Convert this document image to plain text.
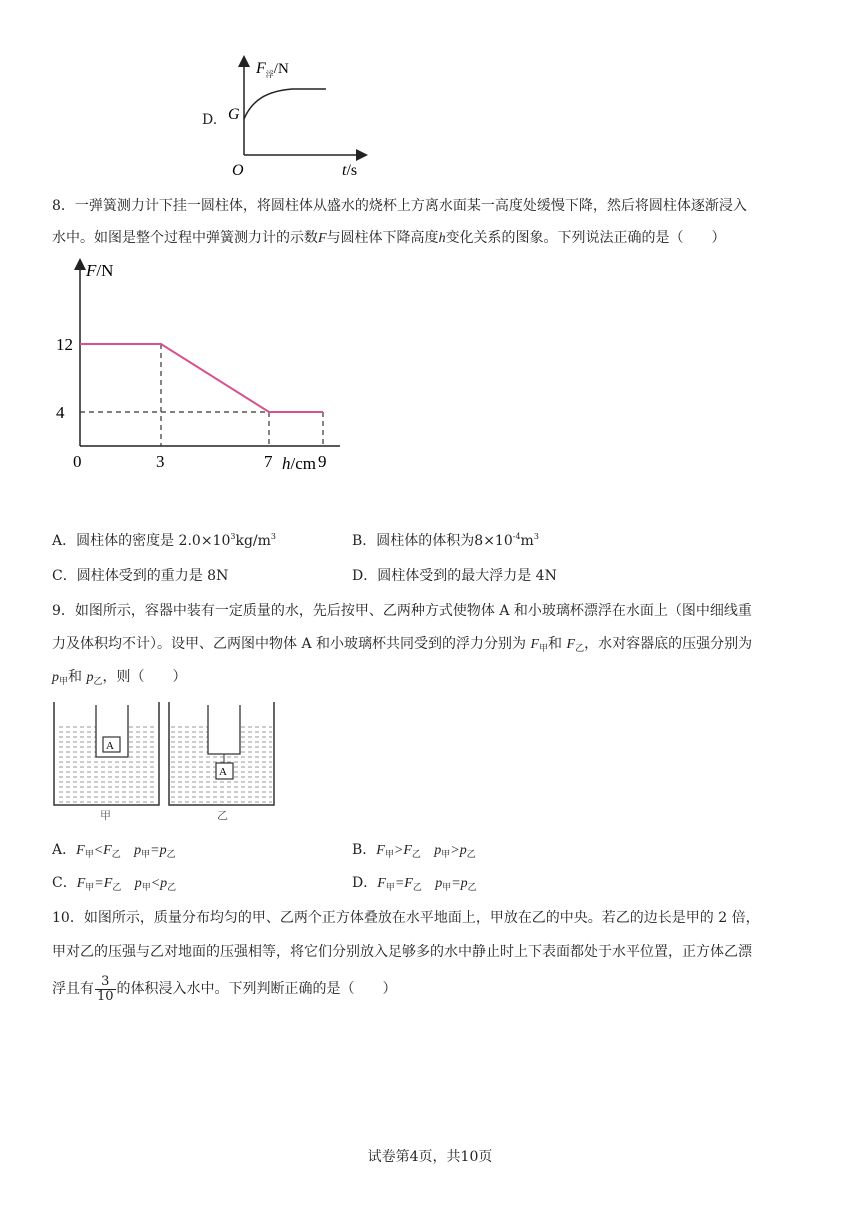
D.
$F_浮/N$
G
O	t/s
8．一弹簧测力计下挂一圆柱体，将圆柱体从盛水的烧杯上方离水面某一高度处缓慢下降，然后将圆柱体逐渐浸入
水中。如图是整个过程中弹簧测力计的示数F与圆柱体下降高度h变化关系的图象。下列说法正确的是（　　）
12
4
3	7	9
F/N
h/cm
0
A．圆柱体的密度是 $2.0\times 10^3kg/m^3$	B．圆柱体的体积为$8\times 10^{-4}m^3$
C．圆柱体受到的重力是 8N	D．圆柱体受到的最大浮力是 4N
9．如图所示，容器中装有一定质量的水，先后按甲、乙两种方式使物体 A 和小玻璃杯漂浮在水面上（图中细线重
力及体积均不计）。设甲、乙两图中物体 A 和小玻璃杯共同受到的浮力分别为 $F_甲$和 $F_乙$，水对容器底的压强分别为
$p_甲$和 $p_乙$，则（　　）
A
甲
A
乙
A．$F_甲<F_乙$ $p_甲=p_乙$	B．$F_甲>F_乙$ $p_甲>p_乙$
C．$F_甲=F_乙$ $p_甲<p_乙$	D．$F_甲=F_乙$ $p_甲=p_乙$
10．如图所示，质量分布均匀的甲、乙两个正方体叠放在水平地面上，甲放在乙的中央。若乙的边长是甲的 2 倍，
甲对乙的压强与乙对地面的压强相等，将它们分别放入足够多的水中静止时上下表面都处于水平位置，正方体乙漂
浮且有 $\frac{3}{10}$ 的体积浸入水中。下列判断正确的是（　　）
试卷第4页，共10页
